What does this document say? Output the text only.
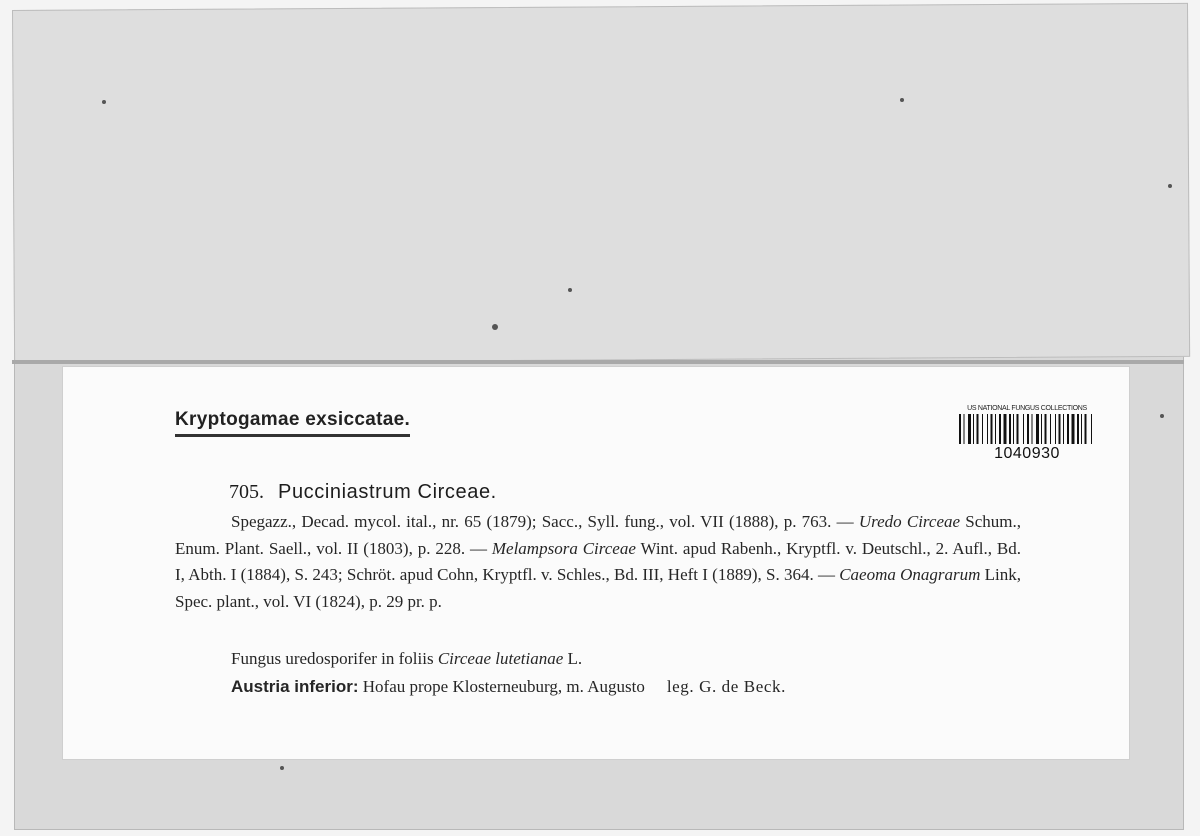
Kryptogamae exsiccatae.
US NATIONAL FUNGUS COLLECTIONS
1040930
705. Pucciniastrum Circeae.
Spegazz., Decad. mycol. ital., nr. 65 (1879); Sacc., Syll. fung., vol. VII (1888), p. 763. — Uredo Circeae Schum., Enum. Plant. Saell., vol. II (1803), p. 228. — Melampsora Circeae Wint. apud Rabenh., Kryptfl. v. Deutschl., 2. Aufl., Bd. I, Abth. I (1884), S. 243; Schröt. apud Cohn, Kryptfl. v. Schles., Bd. III, Heft I (1889), S. 364. — Caeoma Onagrarum Link, Spec. plant., vol. VI (1824), p. 29 pr. p.
Fungus uredosporifer in foliis Circeae lutetianae L.
Austria inferior: Hofau prope Klosterneuburg, m. Augusto leg. G. de Beck.
